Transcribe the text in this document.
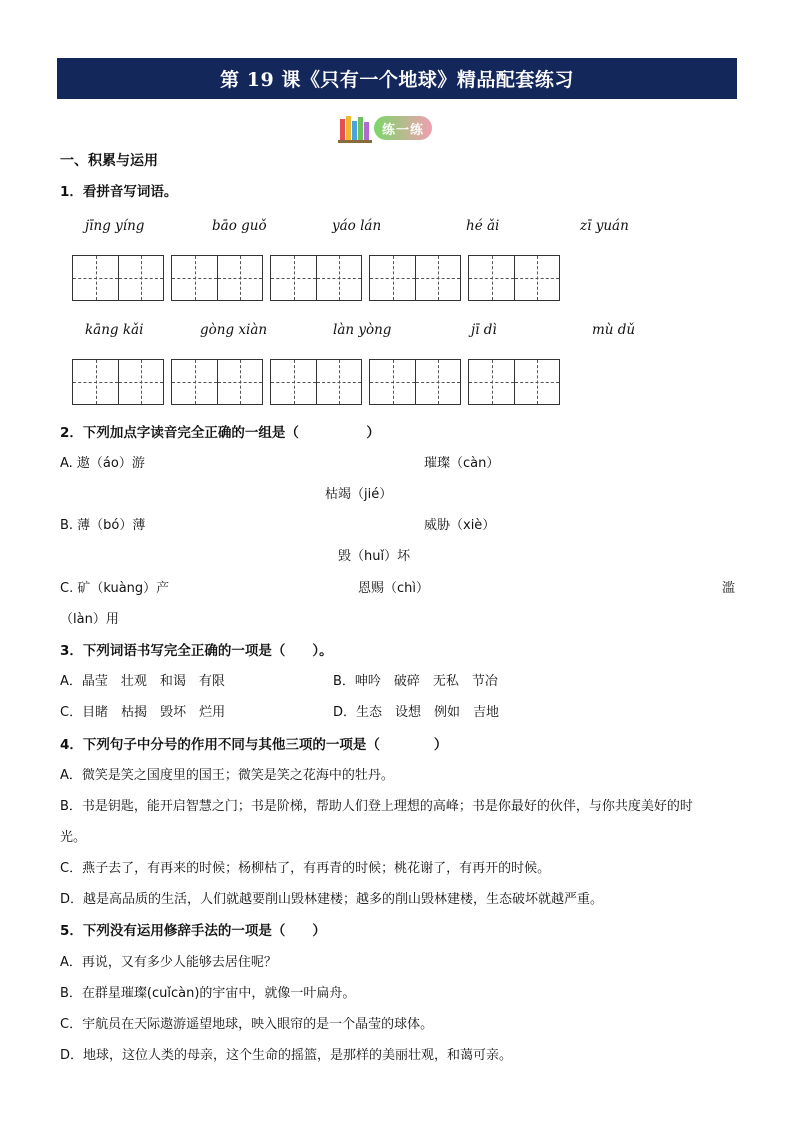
第 19 课《只有一个地球》精品配套练习
练一练
一、积累与运用
1．看拼音写词语。
jīng yíng	bāo guǒ	yáo lán	hé ǎi	zī yuán
kāng kǎi	gòng xiàn	làn yòng	jī dì	mù dǔ
2．下列加点字读音完全正确的一组是（　　　　　）
A. 遨（áo）游	璀璨（càn）
枯竭（jié）
B. 薄（bó）薄	威胁（xiè）
毁（huǐ）坏
C. 矿（kuàng）产	恩赐（chì）	滥
（làn）用
3．下列词语书写完全正确的一项是（　　）。
A．晶莹　壮观　和谒　有限	B．呻吟　破碎　无私　节冶
C．目睹　枯揭　毁坏　烂用	D．生态　设想　例如　吉地
4．下列句子中分号的作用不同与其他三项的一项是（　　　　）
A．微笑是笑之国度里的国王；微笑是笑之花海中的牡丹。
B．书是钥匙，能开启智慧之门；书是阶梯，帮助人们登上理想的高峰；书是你最好的伙伴，与你共度美好的时
光。
C．燕子去了，有再来的时候；杨柳枯了，有再青的时候；桃花谢了，有再开的时候。
D．越是高品质的生活，人们就越要削山毁林建楼；越多的削山毁林建楼，生态破坏就越严重。
5．下列没有运用修辞手法的一项是（　　）
A．再说，又有多少人能够去居住呢？
B．在群星璀璨(cuǐcàn)的宇宙中，就像一叶扁舟。
C．宇航员在天际遨游遥望地球，映入眼帘的是一个晶莹的球体。
D．地球，这位人类的母亲，这个生命的摇篮，是那样的美丽壮观，和蔼可亲。
